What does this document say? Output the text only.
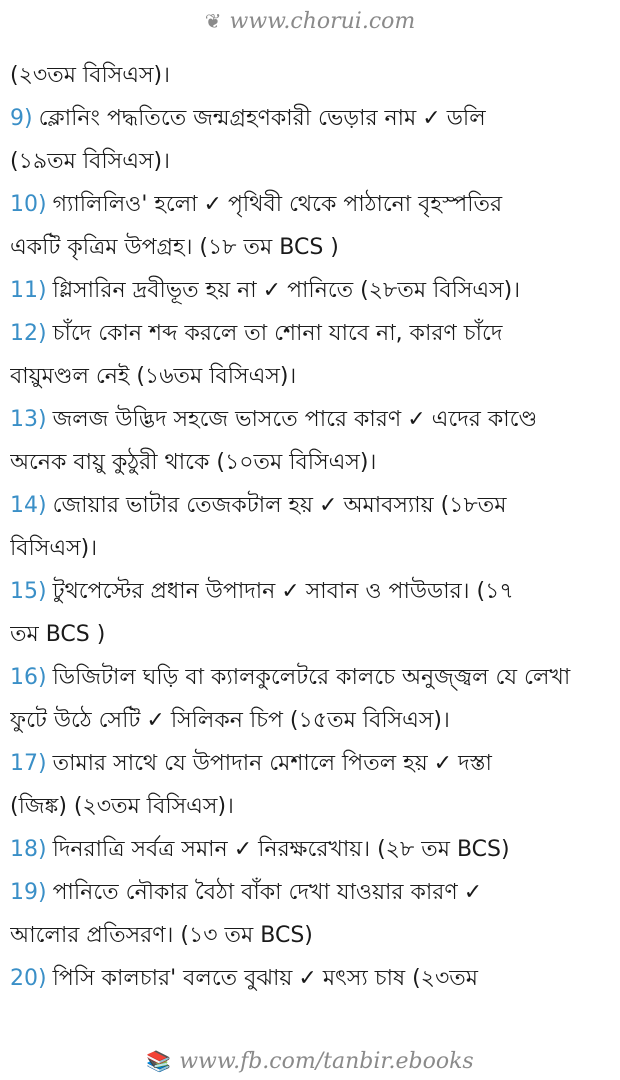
❦ www.chorui.com
(২৩তম বিসিএস)।
9) ক্লোনিং পদ্ধতিতে জন্মগ্রহণকারী ভেড়ার নাম ✓ ডলি
(১৯তম বিসিএস)।
10) গ্যালিলিও' হলো ✓ পৃথিবী থেকে পাঠানো বৃহস্পতির
একটি কৃত্রিম উপগ্রহ। (১৮ তম BCS )
11) গ্লিসারিন দ্রবীভূত হয় না ✓ পানিতে (২৮তম বিসিএস)।
12) চাঁদে কোন শব্দ করলে তা শোনা যাবে না, কারণ চাঁদে
বায়ুমণ্ডল নেই (১৬তম বিসিএস)।
13) জলজ উদ্ভিদ সহজে ভাসতে পারে কারণ ✓ এদের কাণ্ডে
অনেক বায়ু কুঠুরী থাকে (১০তম বিসিএস)।
14) জোয়ার ভাটার তেজকটাল হয় ✓ অমাবস্যায় (১৮তম
বিসিএস)।
15) টুথপেস্টের প্রধান উপাদান ✓ সাবান ও পাউডার। (১৭
তম BCS )
16) ডিজিটাল ঘড়ি বা ক্যালকুলেটরে কালচে অনুজ্জ্বল যে লেখা
ফুটে উঠে সেটি ✓ সিলিকন চিপ (১৫তম বিসিএস)।
17) তামার সাথে যে উপাদান মেশালে পিতল হয় ✓ দস্তা
(জিঙ্ক) (২৩তম বিসিএস)।
18) দিনরাত্রি সর্বত্র সমান ✓ নিরক্ষরেখায়। (২৮ তম BCS)
19) পানিতে নৌকার বৈঠা বাঁকা দেখা যাওয়ার কারণ ✓
আলোর প্রতিসরণ। (১৩ তম BCS)
20) পিসি কালচার' বলতে বুঝায় ✓ মৎস্য চাষ (২৩তম
📚 www.fb.com/tanbir.ebooks
